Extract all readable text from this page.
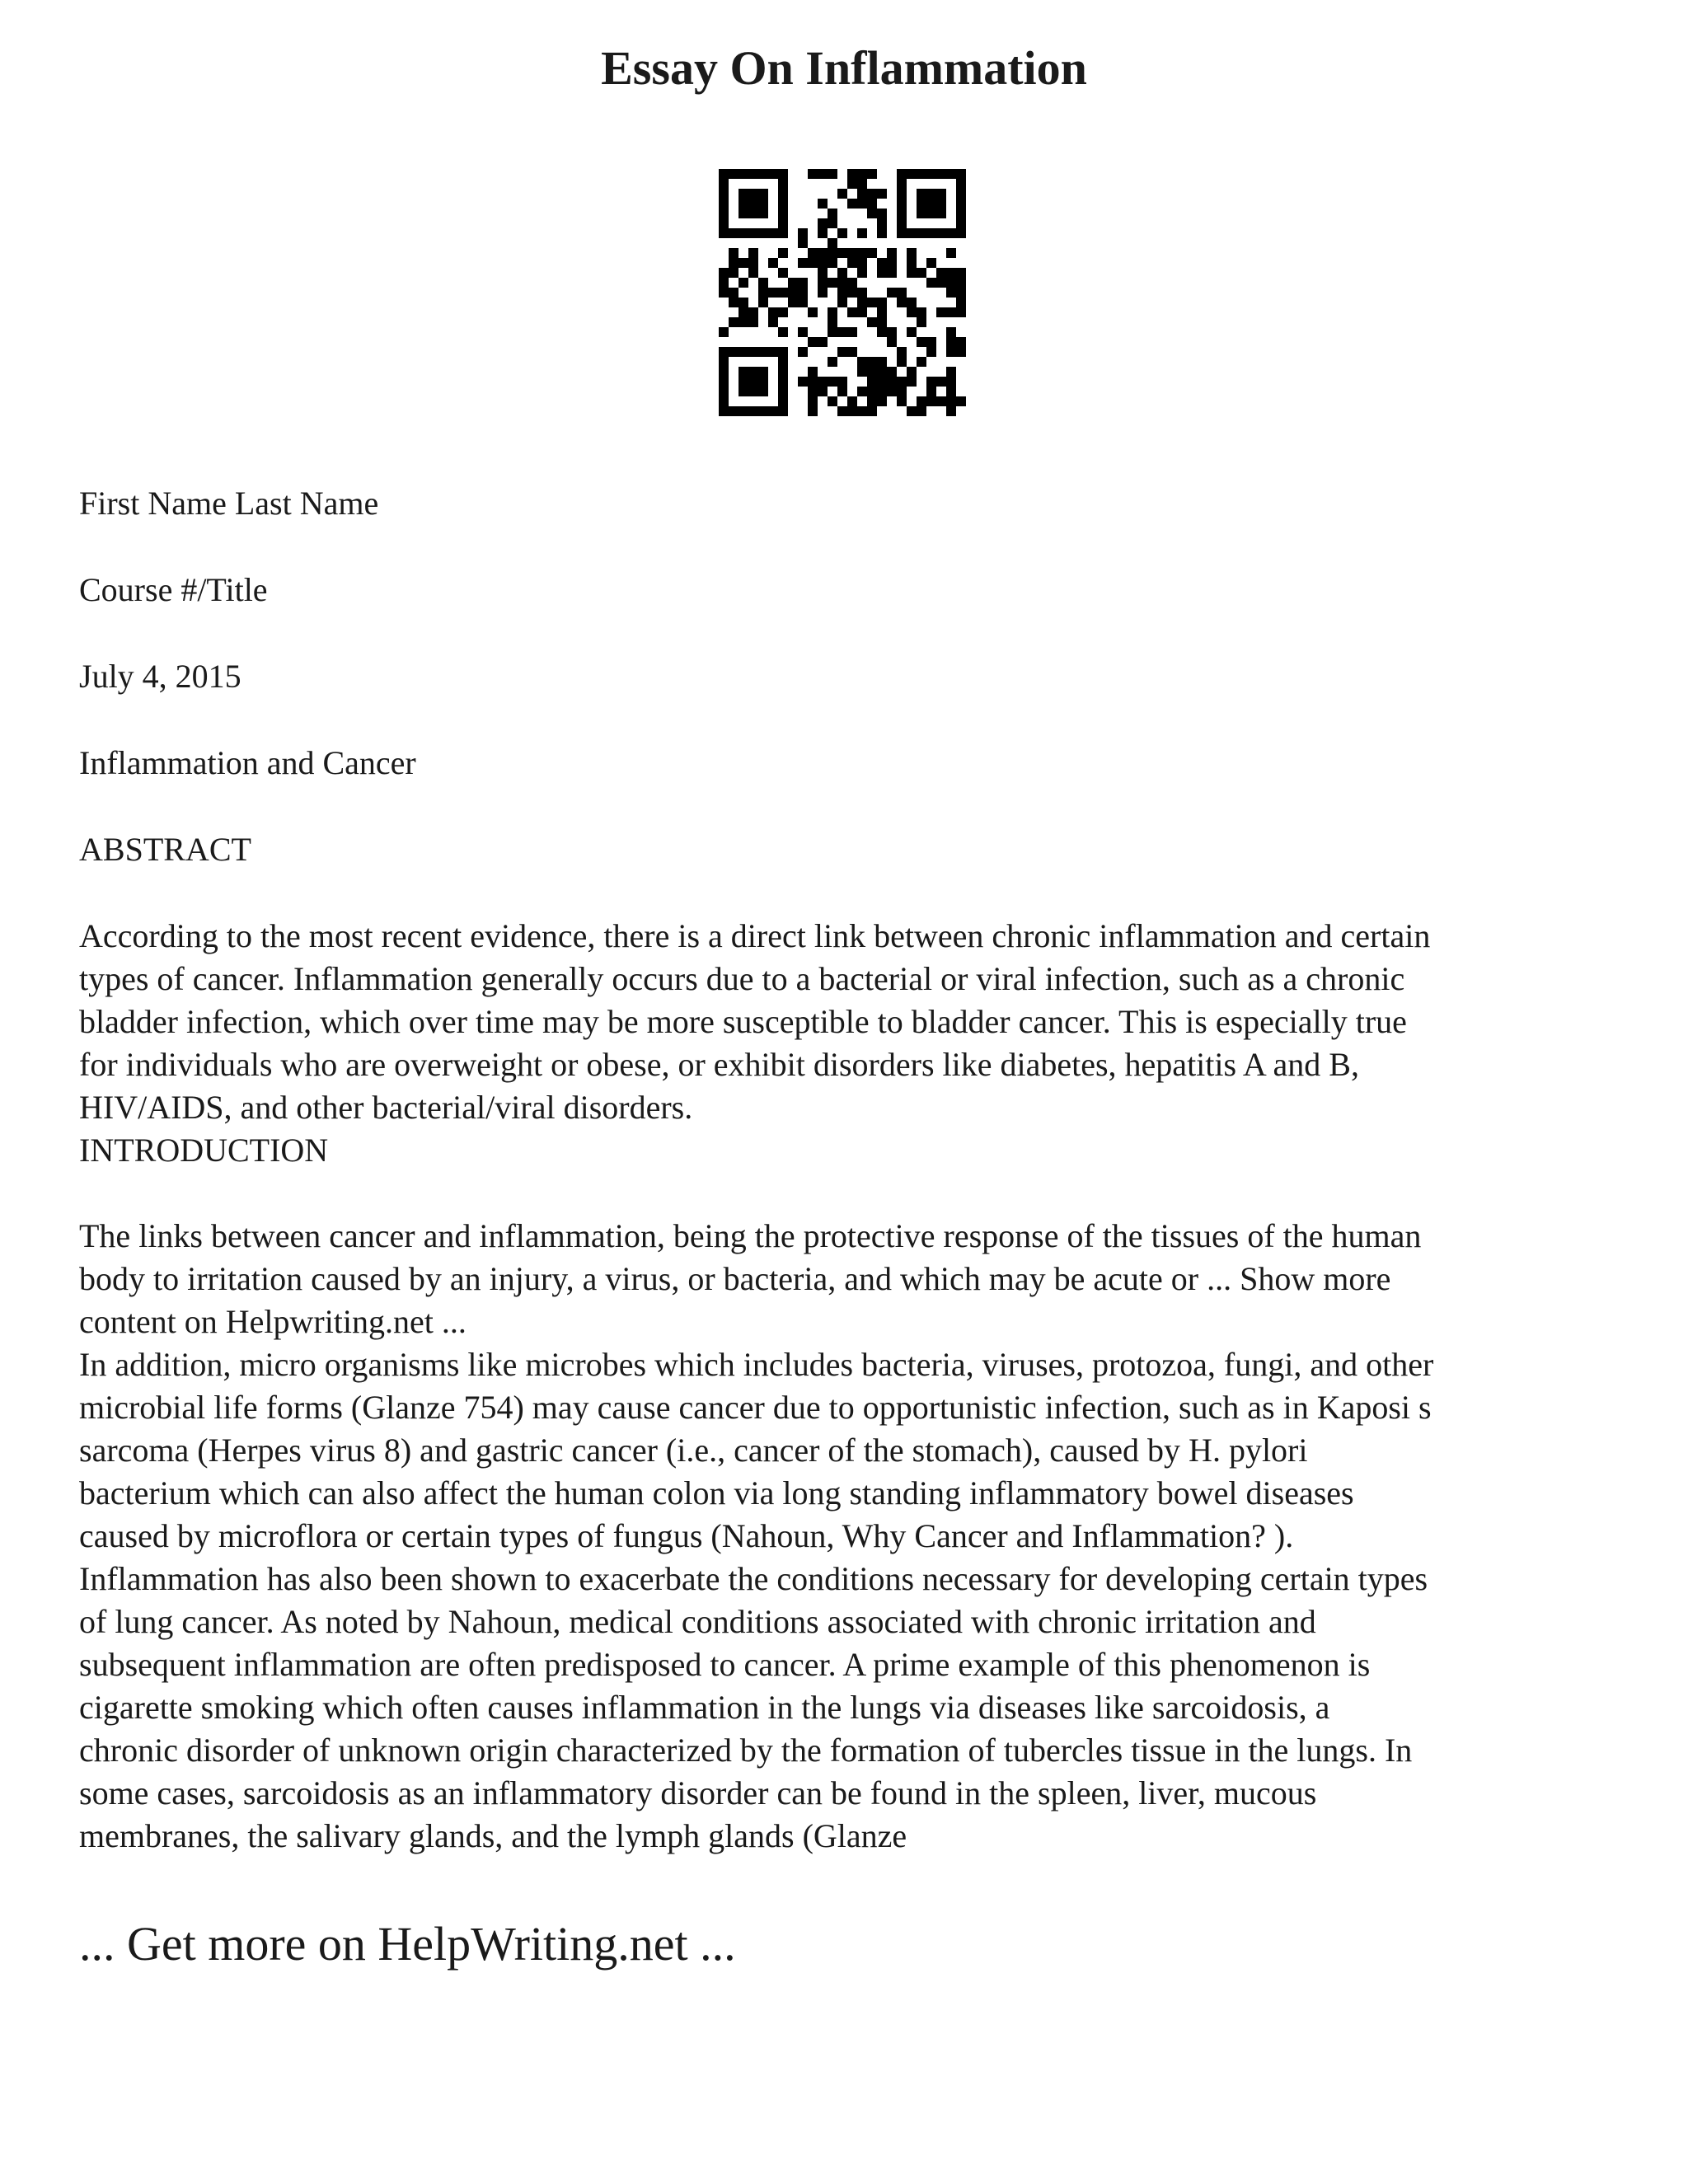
Essay On Inflammation
First Name Last Name
Course #/Title
July 4, 2015
Inflammation and Cancer
ABSTRACT
According to the most recent evidence, there is a direct link between chronic inflammation and certain
types of cancer. Inflammation generally occurs due to a bacterial or viral infection, such as a chronic
bladder infection, which over time may be more susceptible to bladder cancer. This is especially true
for individuals who are overweight or obese, or exhibit disorders like diabetes, hepatitis A and B,
HIV/AIDS, and other bacterial/viral disorders.
INTRODUCTION
The links between cancer and inflammation, being the protective response of the tissues of the human
body to irritation caused by an injury, a virus, or bacteria, and which may be acute or ... Show more
content on Helpwriting.net ...
In addition, micro organisms like microbes which includes bacteria, viruses, protozoa, fungi, and other
microbial life forms (Glanze 754) may cause cancer due to opportunistic infection, such as in Kaposi s
sarcoma (Herpes virus 8) and gastric cancer (i.e., cancer of the stomach), caused by H. pylori
bacterium which can also affect the human colon via long standing inflammatory bowel diseases
caused by microflora or certain types of fungus (Nahoun, Why Cancer and Inflammation? ).
Inflammation has also been shown to exacerbate the conditions necessary for developing certain types
of lung cancer. As noted by Nahoun, medical conditions associated with chronic irritation and
subsequent inflammation are often predisposed to cancer. A prime example of this phenomenon is
cigarette smoking which often causes inflammation in the lungs via diseases like sarcoidosis, a
chronic disorder of unknown origin characterized by the formation of tubercles tissue in the lungs. In
some cases, sarcoidosis as an inflammatory disorder can be found in the spleen, liver, mucous
membranes, the salivary glands, and the lymph glands (Glanze

... Get more on HelpWriting.net ...
